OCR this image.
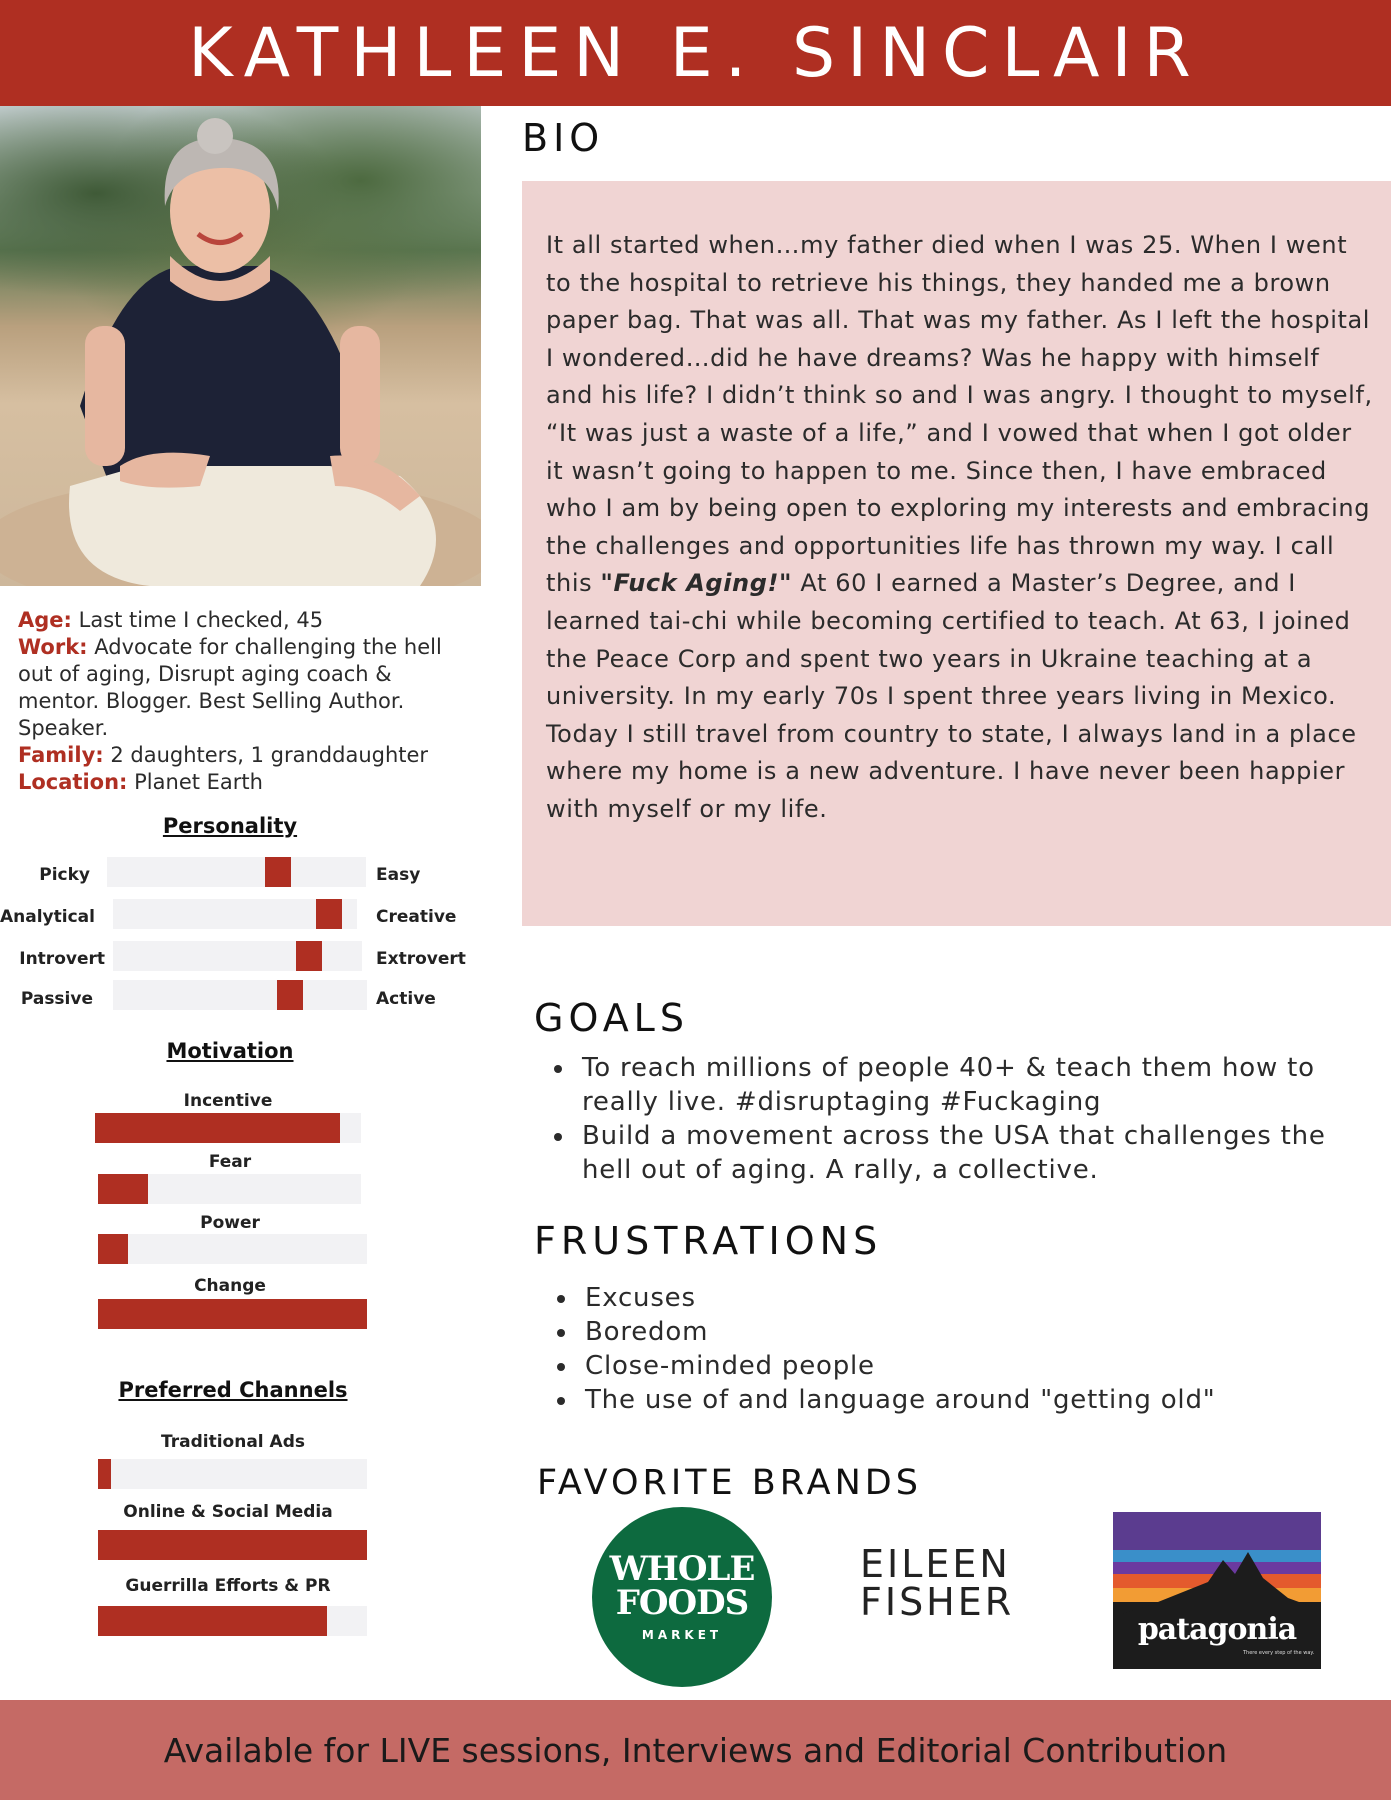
KATHLEEN E. SINCLAIR
Age: Last time I checked, 45
Work: Advocate for challenging the hell out of aging, Disrupt aging coach & mentor. Blogger. Best Selling Author. Speaker.
Family: 2 daughters, 1 granddaughter
Location: Planet Earth
Personality
Picky	Easy
Analytical	Creative
Introvert	Extrovert
Passive	Active
Motivation
Incentive
Fear
Power
Change
Preferred Channels
Traditional Ads
Online & Social Media
Guerrilla Efforts & PR
BIO

It all started when…my father died when I was 25. When I went to the hospital to retrieve his things, they handed me a brown paper bag. That was all. That was my father. As I left the hospital I wondered…did he have dreams? Was he happy with himself and his life? I didn’t think so and I was angry. I thought to myself, “It was just a waste of a life,” and I vowed that when I got older it wasn’t going to happen to me. Since then, I have embraced who I am by being open to exploring my interests and embracing the challenges and opportunities life has thrown my way. I call this "Fuck Aging!" At 60 I earned a Master’s Degree, and I learned tai-chi while becoming certified to teach. At 63, I joined the Peace Corp and spent two years in Ukraine teaching at a university. In my early 70s I spent three years living in Mexico. Today I still travel from country to state, I always land in a place where my home is a new adventure. I have never been happier with myself or my life.

GOALS
To reach millions of people 40+ & teach them how to really live. #disruptaging #Fuckaging
Build a movement across the USA that challenges the hell out of aging. A rally, a collective.
FRUSTRATIONS
Excuses
Boredom
Close-minded people
The use of and language around "getting old"
FAVORITE BRANDS
WHOLE
FOODS
MARKET
EILEEN
FISHER
patagonia
There every step of the way.
Available for LIVE sessions, Interviews and Editorial Contribution
